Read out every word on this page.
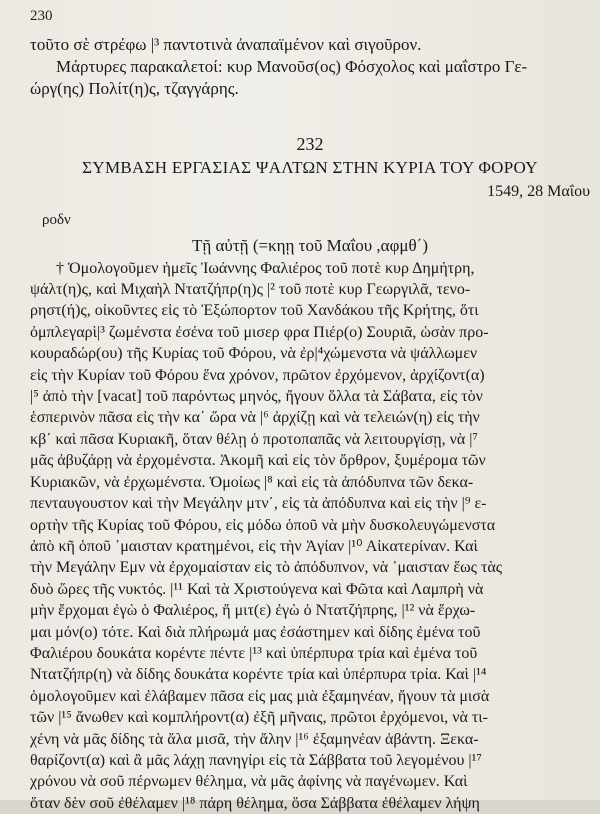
230

τοῦτο σὲ στρέφω |³ παντοτινὰ ἀναπαϊμένον καὶ σιγοῦρον.

Μάρτυρες παρακαλετοί: κυρ Μανοῦσ(ος) Φόσχολος καὶ μαΐστρο Γε-

ώργ(ης) Πολίτ(η)ς, τζαγγάρης.

232
ΣΥΜΒΑΣΗ ΕΡΓΑΣΙΑΣ ΨΑΛΤΩΝ ΣΤΗΝ ΚΥΡΙΑ ΤΟΥ ΦΟΡΟΥ
1549, 28 Μαΐου
ροδν
Τῇ αὐτῇ (=κηῃ τοῦ Μαΐου ,αφμθ΄)

† Ὁμολογοῦμεν ἡμεῖς Ἰωάννης Φαλιέρος τοῦ ποτὲ κυρ Δημήτρη,

ψάλτ(η)ς, καὶ Μιχαὴλ Ντατζήπρ(η)ς |² τοῦ ποτὲ κυρ Γεωργιλᾶ, τενο-

ρηστ(ή)ς, οἰκοῦντες εἰς τὸ Ἐξώπορτον τοῦ Χανδάκου τῆς Κρήτης, ὅτι

ὀμπλεγαρὶ|³ ζωμένστα ἐσένα τοῦ μισερ φρα Πιέρ(ο) Σουριᾶ, ὡσὰν προ-

κουραδώρ(ου) τῆς Κυρίας τοῦ Φόρου, νὰ ἐρ|⁴χώμενστα νὰ ψάλλωμεν

εἰς τὴν Κυρίαν τοῦ Φόρου ἕνα χρόνον, πρῶτον ἐρχόμενον, ἀρχίζοντ(α)

|⁵ ἀπὸ τὴν [vacat] τοῦ παρόντως μηνός, ἤγουν ὅλλα τὰ Σάβατα, εἰς τὸν

ἑσπερινὸν πᾶσα εἰς τὴν κα΄ ὥρα νὰ |⁶ ἀρχίζῃ καὶ νὰ τελειών(η) εἰς τὴν

κβ΄ καὶ πᾶσα Κυριακῆ, ὅταν θέλῃ ὁ προτοπαπᾶς νὰ λειτουργίσῃ, νὰ |⁷

μᾶς ἀβυζάρῃ νὰ ἐρχομένστα. Ἀκομῆ καὶ εἰς τὸν ὄρθρον, ξυμέρομα τῶν

Κυριακῶν, νὰ ἐρχωμένστα. Ὁμοίως |⁸ καὶ εἰς τὰ ἀπόδυπνα τῶν δεκα-

πενταυγουστον καὶ τὴν Μεγάλην μτν΄, εἰς τὰ ἀπόδυπνα καὶ εἰς τὴν |⁹ ε-

ορτὴν τῆς Κυρίας τοῦ Φόρου, εἰς μόδω ὁποῦ νὰ μὴν δυσκολευγώμενστα

ἀπὸ κῆ ὁποῦ ᾿μαισταν κρατημένοι, εἰς τὴν Ἁγίαν |¹⁰ Αἰκατερίναν. Καὶ

τὴν Μεγάλην Εμν νὰ ἐρχομαίσταν εἰς τὸ ἀπόδυπνον, νὰ ᾿μαισταν ἕως τὰς

δυὸ ὥρες τῆς νυκτός. |¹¹ Καὶ τὰ Χριστούγενα καὶ Φῶτα καὶ Λαμπρὴ νὰ

μὴν ἔρχομαι ἐγὼ ὁ Φαλιέρος, ἤ μιτ(ε) ἐγὼ ὁ Ντατζήπρης, |¹² νὰ ἔρχω-

μαι μόν(ο) τότε. Καὶ διὰ πλήρωμά μας ἐσάστημεν καὶ δίδης ἐμένα τοῦ

Φαλιέρου δουκάτα κορέντε πέντε |¹³ καὶ ὑπέρπυρα τρία καὶ ἐμένα τοῦ

Ντατζήπρ(η) νὰ δίδης δουκάτα κορέντε τρία καὶ ὑπέρπυρα τρία. Καὶ |¹⁴

ὁμολογοῦμεν καὶ ἐλάβαμεν πᾶσα εἰς μας μιὰ ἐξαμηνέαν, ἤγουν τὰ μισὰ

τῶν |¹⁵ ἄνωθεν καὶ κομπλήροντ(α) ἐξῆ μῆναις, πρῶτοι ἐρχόμενοι, νὰ τι-

χένη νὰ μᾶς δίδης τὰ ἄλα μισᾶ, τὴν ἄλην |¹⁶ ἐξαμηνέαν ἀβάντη. Ξεκα-

θαρίζοντ(α) καὶ ἂ μᾶς λάχῃ πανηγίρι εἰς τὰ Σάββατα τοῦ λεγομένου |¹⁷

χρόνου νὰ σοῦ πέρνωμεν θέλημα, νὰ μᾶς ἀφίνης νὰ παγένωμεν. Καὶ

ὅταν δὲν σοῦ ἐθέλαμεν |¹⁸ πάρη θέλημα, ὅσα Σάββατα ἐθέλαμεν λήψη
